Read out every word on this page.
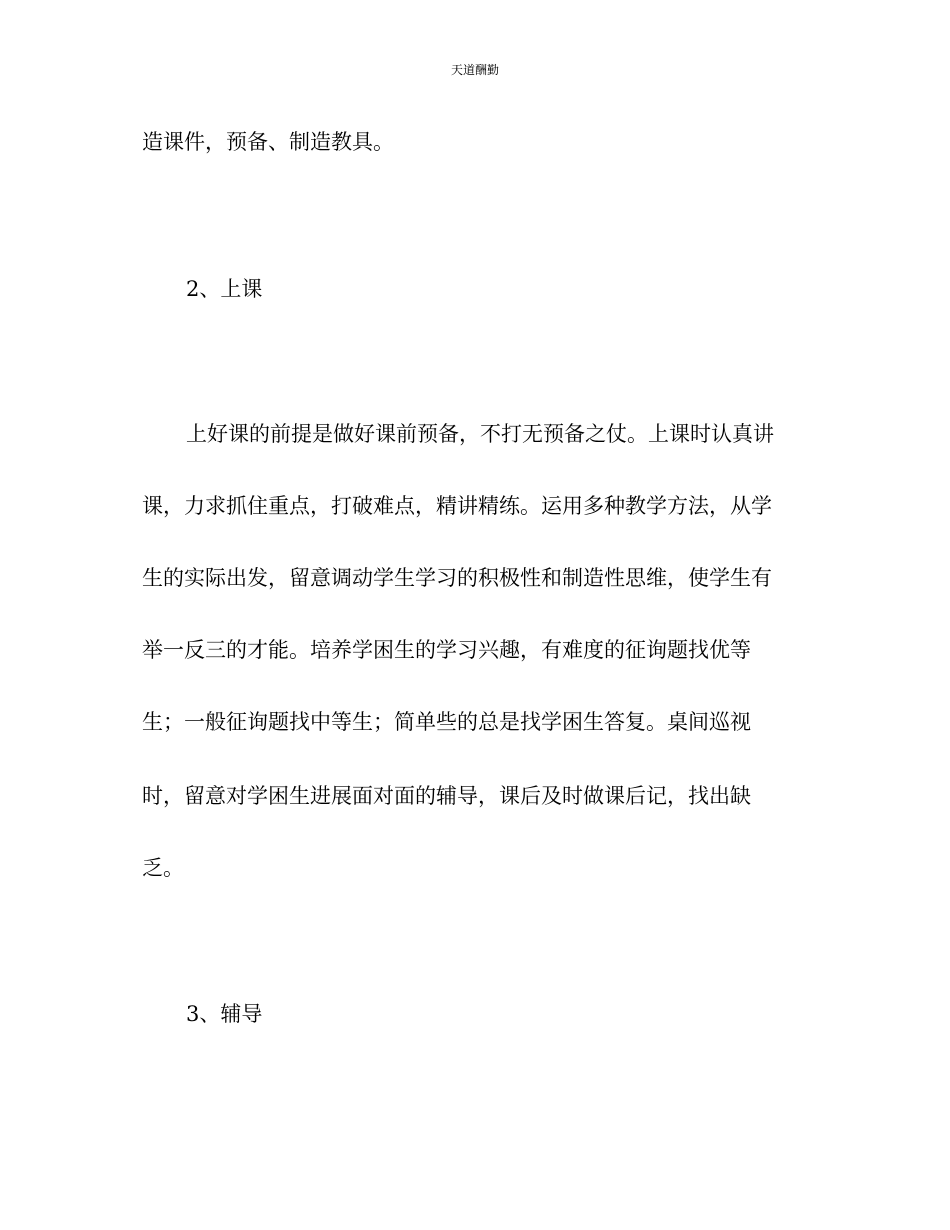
天道酬勤
造课件，预备、制造教具。
2、上课
上好课的前提是做好课前预备，不打无预备之仗。上课时认真讲
课，力求抓住重点，打破难点，精讲精练。运用多种教学方法，从学
生的实际出发，留意调动学生学习的积极性和制造性思维，使学生有
举一反三的才能。培养学困生的学习兴趣，有难度的征询题找优等
生；一般征询题找中等生；简单些的总是找学困生答复。桌间巡视
时，留意对学困生进展面对面的辅导，课后及时做课后记，找出缺
乏。
3、辅导
